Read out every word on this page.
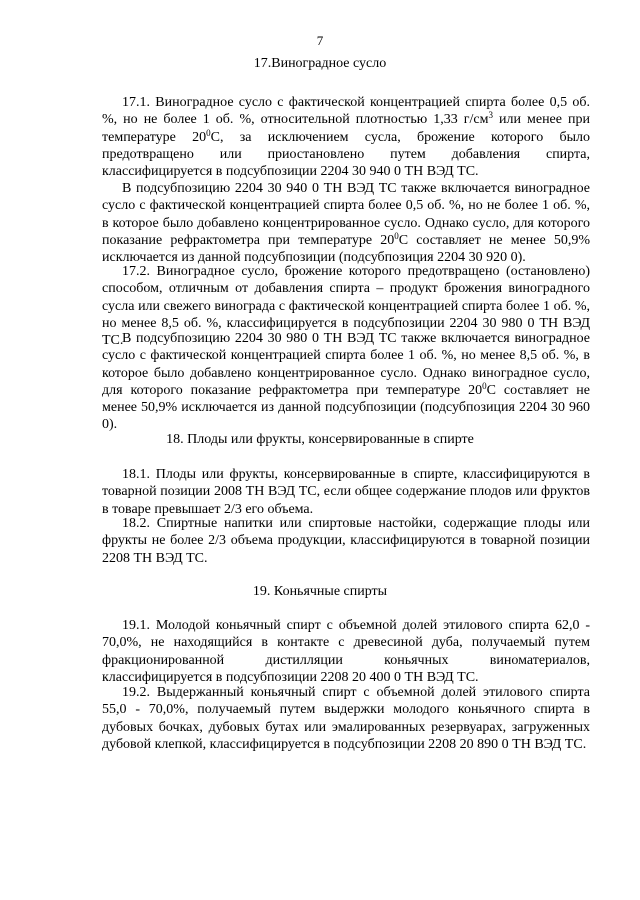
7
17.Виноградное сусло
17.1. Виноградное сусло с фактической концентрацией спирта более 0,5 об. %, но не более 1 об. %, относительной плотностью 1,33 $г/см^3$ или менее при температуре $20^0С$, за исключением сусла, брожение которого было предотвращено или приостановлено путем добавления спирта, классифицируется в подсубпозиции 2204 30 940 0 ТН ВЭД ТС.
В подсубпозицию 2204 30 940 0 ТН ВЭД ТС также включается виноградное сусло с фактической концентрацией спирта более 0,5 об. %, но не более 1 об. %, в которое было добавлено концентрированное сусло. Однако сусло, для которого показание рефрактометра при температуре $20^0С$ составляет не менее 50,9% исключается из данной подсубпозиции (подсубпозиция 2204 30 920 0).
17.2. Виноградное сусло, брожение которого предотвращено (остановлено) способом, отличным от добавления спирта – продукт брожения виноградного сусла или свежего винограда с фактической концентрацией спирта более 1 об. %, но менее 8,5 об. %, классифицируется в подсубпозиции 2204 30 980 0 ТН ВЭД ТС.
В подсубпозицию 2204 30 980 0 ТН ВЭД ТС также включается виноградное сусло с фактической концентрацией спирта более 1 об. %, но менее 8,5 об. %, в которое было добавлено концентрированное сусло. Однако виноградное сусло, для которого показание рефрактометра при температуре $20^0С$ составляет не менее 50,9% исключается из данной подсубпозиции (подсубпозиция 2204 30 960 0).
18. Плоды или фрукты, консервированные в спирте
18.1. Плоды или фрукты, консервированные в спирте, классифицируются в товарной позиции 2008 ТН ВЭД ТС, если общее содержание плодов или фруктов в товаре превышает 2/3 его объема.
18.2. Спиртные напитки или спиртовые настойки, содержащие плоды или фрукты не более 2/3 объема продукции, классифицируются в товарной позиции 2208 ТН ВЭД ТС.
19. Коньячные спирты
19.1. Молодой коньячный спирт с объемной долей этилового спирта 62,0 - 70,0%, не находящийся в контакте с древесиной дуба, получаемый путем фракционированной дистилляции коньячных виноматериалов, классифицируется в подсубпозиции 2208 20 400 0 ТН ВЭД ТС.
19.2. Выдержанный коньячный спирт с объемной долей этилового спирта 55,0 - 70,0%, получаемый путем выдержки молодого коньячного спирта в дубовых бочках, дубовых бутах или эмалированных резервуарах, загруженных дубовой клепкой, классифицируется в подсубпозиции 2208 20 890 0 ТН ВЭД ТС.
